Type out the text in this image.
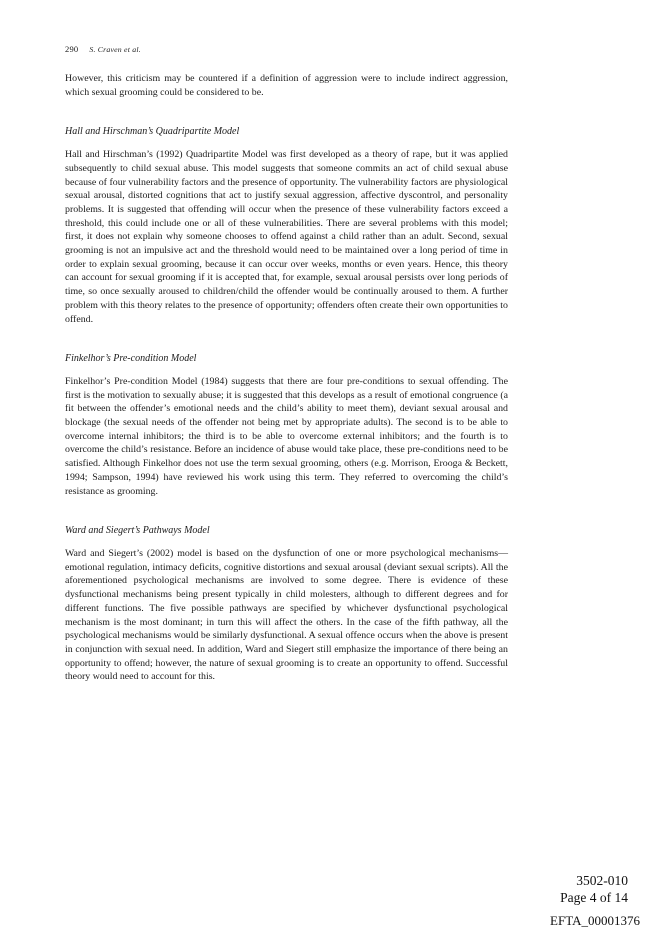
290 S. Craven et al.

However, this criticism may be countered if a definition of aggression were to include indirect aggression, which sexual grooming could be considered to be.

Hall and Hirschman’s Quadripartite Model

Hall and Hirschman’s (1992) Quadripartite Model was first developed as a theory of rape, but it was applied subsequently to child sexual abuse. This model suggests that someone commits an act of child sexual abuse because of four vulnerability factors and the presence of opportunity. The vulnerability factors are physiological sexual arousal, distorted cognitions that act to justify sexual aggression, affective dyscontrol, and personality problems. It is suggested that offending will occur when the presence of these vulnerability factors exceed a threshold, this could include one or all of these vulnerabilities. There are several problems with this model; first, it does not explain why someone chooses to offend against a child rather than an adult. Second, sexual grooming is not an impulsive act and the threshold would need to be maintained over a long period of time in order to explain sexual grooming, because it can occur over weeks, months or even years. Hence, this theory can account for sexual grooming if it is accepted that, for example, sexual arousal persists over long periods of time, so once sexually aroused to children/child the offender would be continually aroused to them. A further problem with this theory relates to the presence of opportunity; offenders often create their own opportunities to offend.

Finkelhor’s Pre-condition Model

Finkelhor’s Pre-condition Model (1984) suggests that there are four pre-conditions to sexual offending. The first is the motivation to sexually abuse; it is suggested that this develops as a result of emotional congruence (a fit between the offender’s emotional needs and the child’s ability to meet them), deviant sexual arousal and blockage (the sexual needs of the offender not being met by appropriate adults). The second is to be able to overcome internal inhibitors; the third is to be able to overcome external inhibitors; and the fourth is to overcome the child’s resistance. Before an incidence of abuse would take place, these pre-conditions need to be satisfied. Although Finkelhor does not use the term sexual grooming, others (e.g. Morrison, Erooga & Beckett, 1994; Sampson, 1994) have reviewed his work using this term. They referred to overcoming the child’s resistance as grooming.

Ward and Siegert’s Pathways Model

Ward and Siegert’s (2002) model is based on the dysfunction of one or more psychological mechanisms—emotional regulation, intimacy deficits, cognitive distortions and sexual arousal (deviant sexual scripts). All the aforementioned psychological mechanisms are involved to some degree. There is evidence of these dysfunctional mechanisms being present typically in child molesters, although to different degrees and for different functions. The five possible pathways are specified by whichever dysfunctional psychological mechanism is the most dominant; in turn this will affect the others. In the case of the fifth pathway, all the psychological mechanisms would be similarly dysfunctional. A sexual offence occurs when the above is present in conjunction with sexual need. In addition, Ward and Siegert still emphasize the importance of there being an opportunity to offend; however, the nature of sexual grooming is to create an opportunity to offend. Successful theory would need to account for this.

3502-010
Page 4 of 14
EFTA_00001376
